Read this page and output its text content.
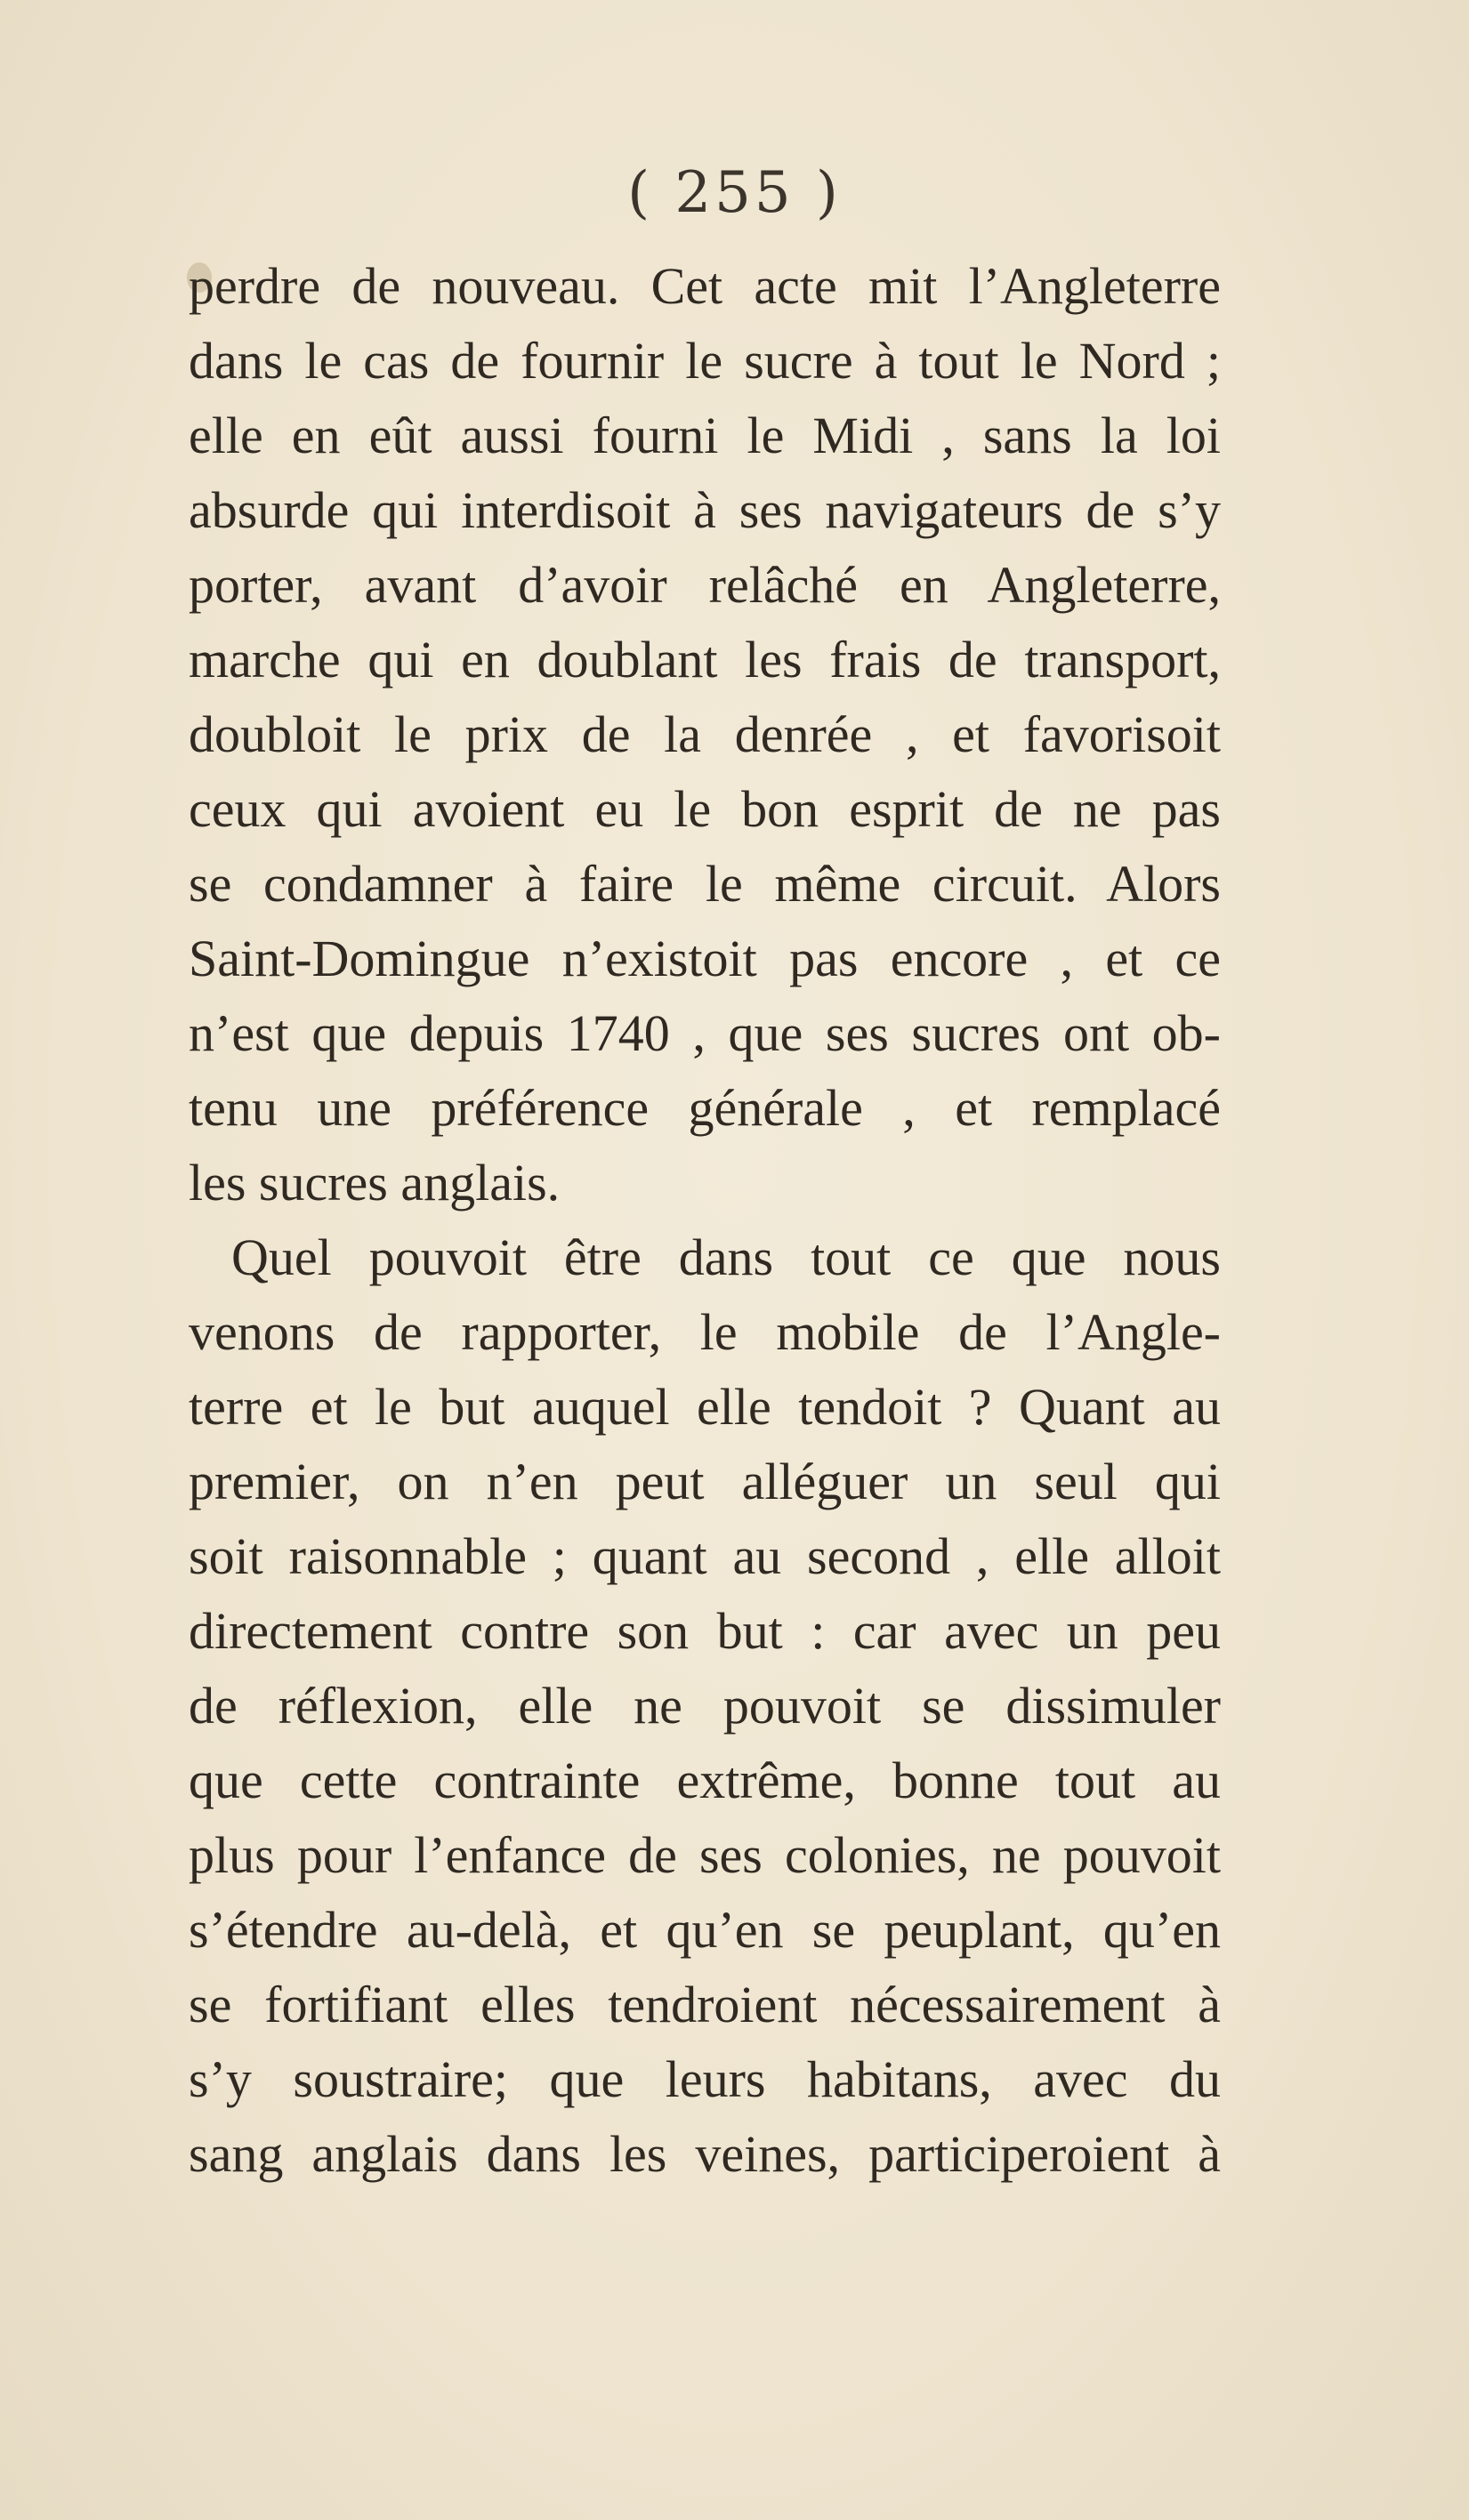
( 255 )
perdre de nouveau. Cet acte mit l’Angleterre
dans le cas de fournir le sucre à tout le Nord ;
elle en eût aussi fourni le Midi , sans la loi
absurde qui interdisoit à ses navigateurs de s’y
porter, avant d’avoir relâché en Angleterre,
marche qui en doublant les frais de transport,
doubloit le prix de la denrée , et favorisoit
ceux qui avoient eu le bon esprit de ne pas
se condamner à faire le même circuit. Alors
Saint-Domingue n’existoit pas encore , et ce
n’est que depuis 1740 , que ses sucres ont ob-
tenu une préférence générale , et remplacé
les sucres anglais.
Quel pouvoit être dans tout ce que nous
venons de rapporter, le mobile de l’Angle-
terre et le but auquel elle tendoit ? Quant au
premier, on n’en peut alléguer un seul qui
soit raisonnable ; quant au second , elle alloit
directement contre son but : car avec un peu
de réflexion, elle ne pouvoit se dissimuler
que cette contrainte extrême, bonne tout au
plus pour l’enfance de ses colonies, ne pouvoit
s’étendre au-delà, et qu’en se peuplant, qu’en
se fortifiant elles tendroient nécessairement à
s’y soustraire; que leurs habitans, avec du
sang anglais dans les veines, participeroient à
